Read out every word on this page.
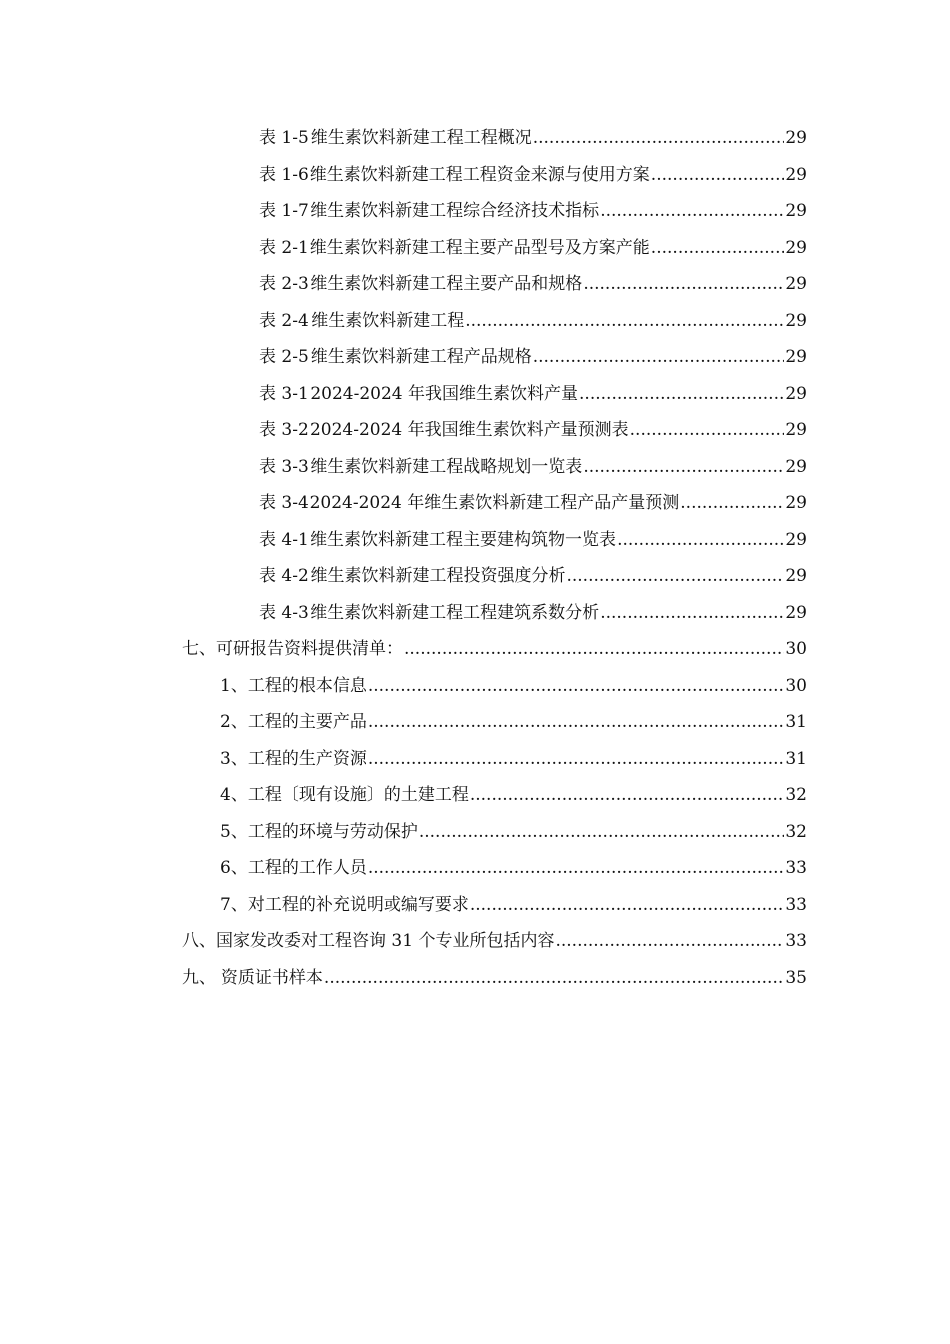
表 1-5 维生素饮料新建工程工程概况 .....	29
表 1-6 维生素饮料新建工程工程资金来源与使用方案 .....	29
表 1-7 维生素饮料新建工程综合经济技术指标 .....	29
表 2-1 维生素饮料新建工程主要产品型号及方案产能 .....	29
表 2-3 维生素饮料新建工程主要产品和规格 .....	29
表 2-4 维生素饮料新建工程 .....	29
表 2-5 维生素饮料新建工程产品规格 .....	29
表 3-1 2024-2024 年我国维生素饮料产量 .....	29
表 3-2 2024-2024 年我国维生素饮料产量预测表 .....	29
表 3-3 维生素饮料新建工程战略规划一览表 .....	29
表 3-4 2024-2024 年维生素饮料新建工程产品产量预测 .....	29
表 4-1 维生素饮料新建工程主要建构筑物一览表 .....	29
表 4-2 维生素饮料新建工程投资强度分析 .....	29
表 4-3 维生素饮料新建工程工程建筑系数分析 .....	29
七、 可研报告资料提供清单： .....	30
1、 工程的根本信息 .....	30
2、 工程的主要产品 .....	31
3、 工程的生产资源 .....	31
4、 工程〔现有设施〕的土建工程 .....	32
5、 工程的环境与劳动保护 .....	32
6、 工程的工作人员 .....	33
7、 对工程的补充说明或编写要求 .....	33
八、 国家发改委对工程咨询 31 个专业所包括内容 .....	33
九、 资质证书样本 .....	35
